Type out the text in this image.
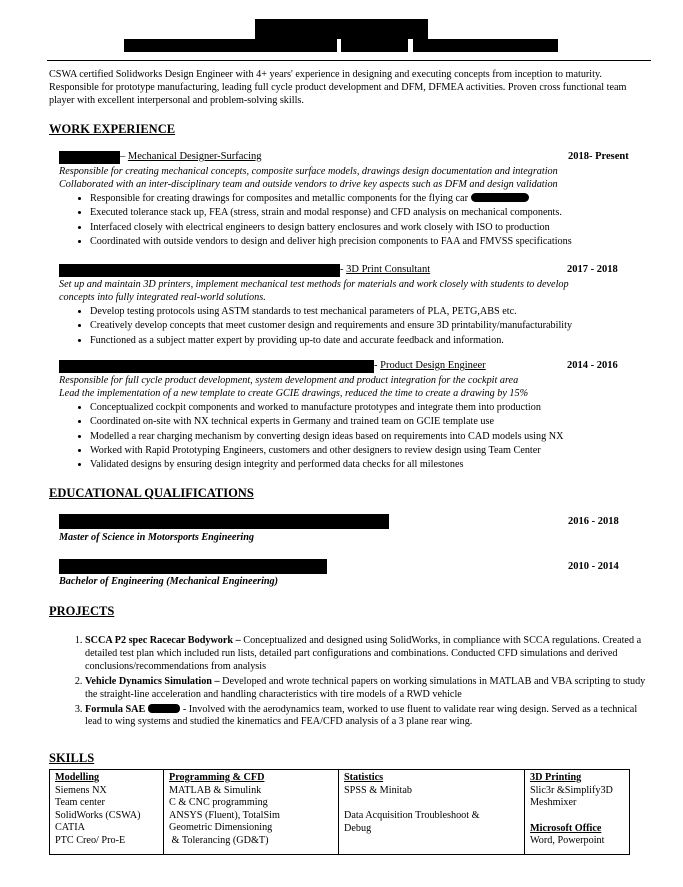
CSWA certified Solidworks Design Engineer with 4+ years' experience in designing and executing concepts from inception to maturity. Responsible for prototype manufacturing, leading full cycle product development and DFM, DFMEA activities. Proven cross functional team player with excellent interpersonal and problem-solving skills.
WORK EXPERIENCE
– Mechanical Designer-Surfacing	2018- Present
Responsible for creating mechanical concepts, composite surface models, drawings design documentation and integration
Collaborated with an inter-disciplinary team and outside vendors to drive key aspects such as DFM and design validation
• Responsible for creating drawings for composites and metallic components for the flying car
• Executed tolerance stack up, FEA (stress, strain and modal response) and CFD analysis on mechanical components.
• Interfaced closely with electrical engineers to design battery enclosures and work closely with ISO to production
• Coordinated with outside vendors to design and deliver high precision components to FAA and FMVSS specifications
- 3D Print Consultant	2017 - 2018
Set up and maintain 3D printers, implement mechanical test methods for materials and work closely with students to develop
concepts into fully integrated real-world solutions.
• Develop testing protocols using ASTM standards to test mechanical parameters of PLA, PETG,ABS etc.
• Creatively develop concepts that meet customer design and requirements and ensure 3D printability/manufacturability
• Functioned as a subject matter expert by providing up-to date and accurate feedback and information.
- Product Design Engineer	2014 - 2016
Responsible for full cycle product development, system development and product integration for the cockpit area
Lead the implementation of a new template to create GCIE drawings, reduced the time to create a drawing by 15%
• Conceptualized cockpit components and worked to manufacture prototypes and integrate them into production
• Coordinated on-site with NX technical experts in Germany and trained team on GCIE template use
• Modelled a rear charging mechanism by converting design ideas based on requirements into CAD models using NX
• Worked with Rapid Prototyping Engineers, customers and other designers to review design using Team Center
• Validated designs by ensuring design integrity and performed data checks for all milestones
EDUCATIONAL QUALIFICATIONS
2016 - 2018
Master of Science in Motorsports Engineering
2010 - 2014
Bachelor of Engineering (Mechanical Engineering)
PROJECTS
1. SCCA P2 spec Racecar Bodywork – Conceptualized and designed using SolidWorks, in compliance with SCCA regulations. Created a detailed test plan which included run lists, detailed part configurations and combinations. Conducted CFD simulations and derived conclusions/recommendations from analysis
2. Vehicle Dynamics Simulation – Developed and wrote technical papers on working simulations in MATLAB and VBA scripting to study the straight-line acceleration and handling characteristics with tire models of a RWD vehicle
3. Formula SAE	- Involved with the aerodynamics team, worked to use fluent to validate rear wing design. Served as a technical lead to wing systems and studied the kinematics and FEA/CFD analysis of a 3 plane rear wing.
SKILLS
Modelling
Siemens NX
Team center
SolidWorks (CSWA)
CATIA
PTC Creo/ Pro-E

Programming & CFD
MATLAB & Simulink
C & CNC programming
ANSYS (Fluent), TotalSim
Geometric Dimensioning
& Tolerancing (GD&T)

Statistics
SPSS & Minitab
Data Acquisition Troubleshoot &
Debug

3D Printing
Slic3r &Simplify3D
Meshmixer
Microsoft Office
Word, Powerpoint
